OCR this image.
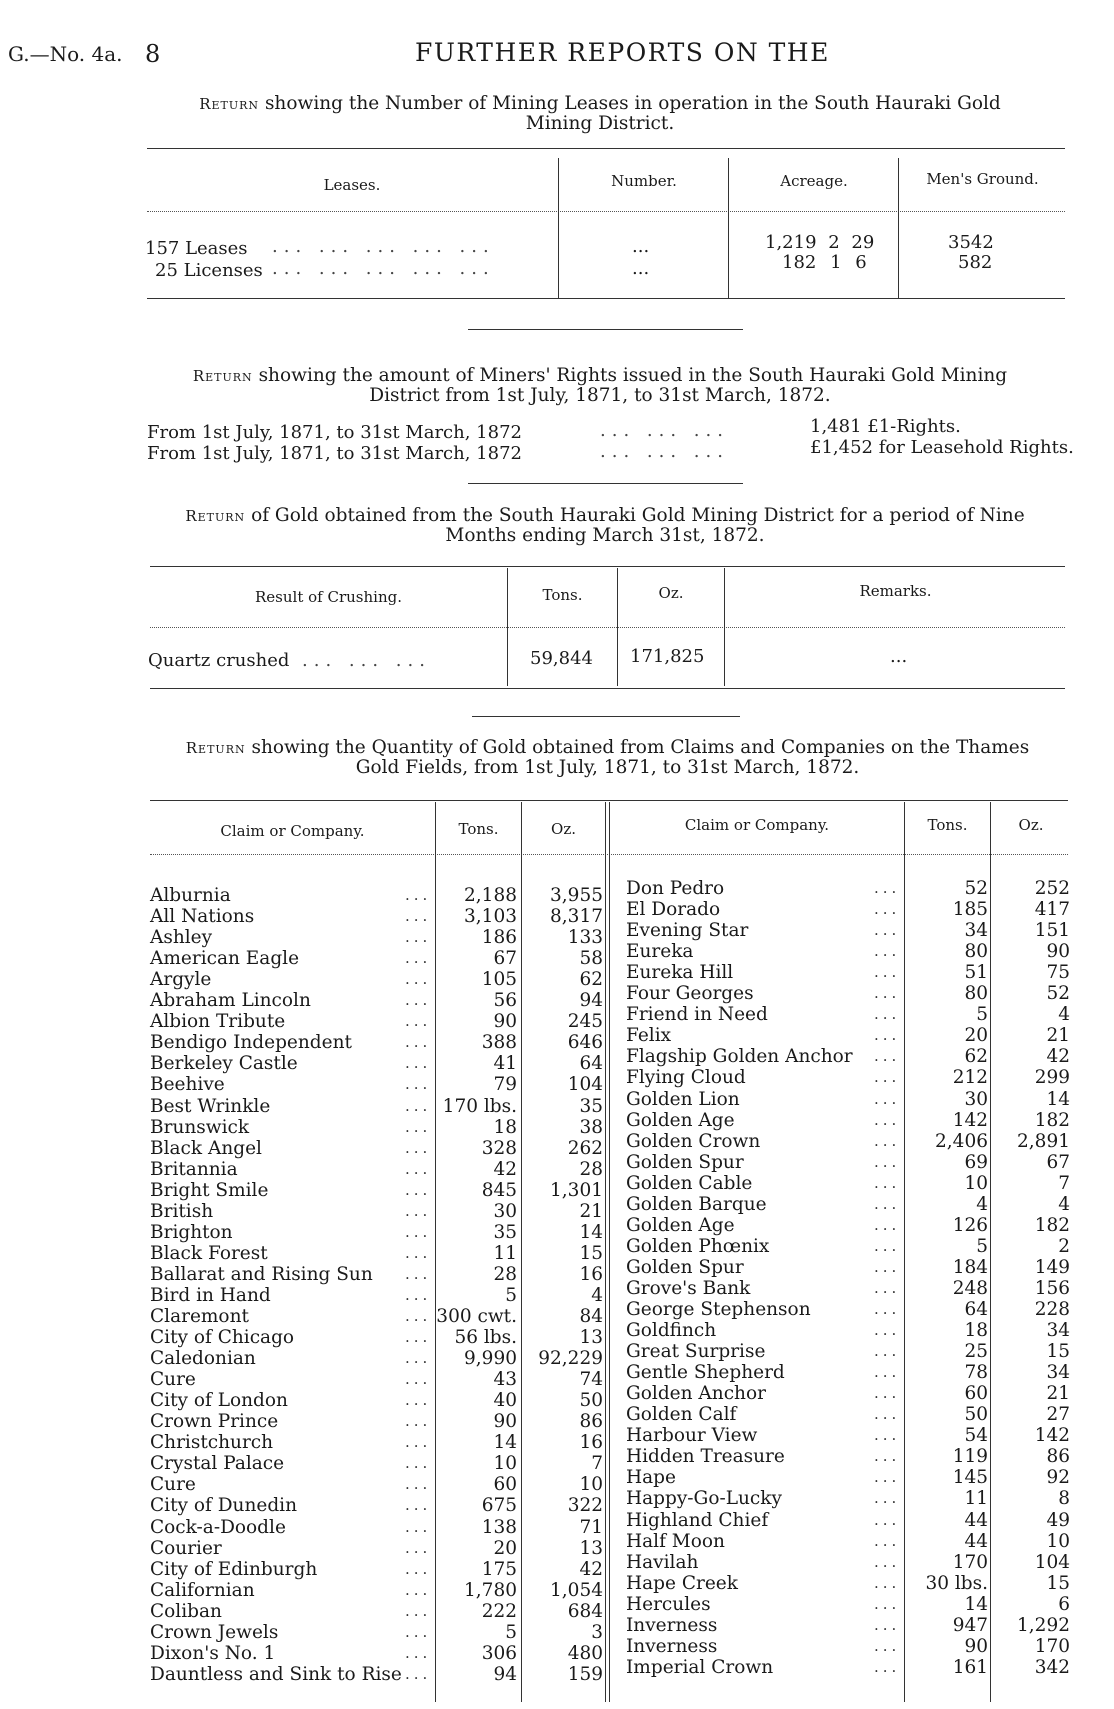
G.—No. 4a. 8	FURTHER REPORTS ON THE
Return showing the Number of Mining Leases in operation in the South Hauraki Gold
Mining District.
Leases.	Number.	Acreage.	Men's Ground.
157 Leases ... ... ... ... ...	...	1,219 2 29	3542
25 Licenses ... ... ... ... ...	...	182 1 6	582
Return showing the amount of Miners' Rights issued in the South Hauraki Gold Mining
District from 1st July, 1871, to 31st March, 1872.
From 1st July, 1871, to 31st March, 1872	... ... ...	1,481 £1-Rights.
From 1st July, 1871, to 31st March, 1872	... ... ...	£1,452 for Leasehold Rights.
Return of Gold obtained from the South Hauraki Gold Mining District for a period of Nine
Months ending March 31st, 1872.
Result of Crushing.	Tons.	Oz.	Remarks.
Quartz crushed ... ... ...	59,844 171,825	...
Return showing the Quantity of Gold obtained from Claims and Companies on the Thames
Gold Fields, from 1st July, 1871, to 31st March, 1872.
Claim or Company.	Tons.	Oz.	Claim or Company.	Tons.	Oz.
Alburnia	...	2,188	3,955
All Nations	...	3,103	8,317
Ashley	...	186	133
American Eagle	...	67	58
Argyle	...	105	62
Abraham Lincoln	...	56	94
Albion Tribute	...	90	245
Bendigo Independent	...	388	646
Berkeley Castle	...	41	64
Beehive	...	79	104
Best Wrinkle	... 170 lbs.	35
Brunswick	...	18	38
Black Angel	...	328	262
Britannia	...	42	28
Bright Smile	...	845	1,301
British	...	30	21
Brighton	...	35	14
Black Forest	...	11	15
Ballarat and Rising Sun ...	28	16
Bird in Hand	...	5	4
Claremont	... 300 cwt.	84
City of Chicago	...	56 lbs.	13
Caledonian	...	9,990	92,229
Cure	...	43	74
City of London	...	40	50
Crown Prince	...	90	86
Christchurch	...	14	16
Crystal Palace	...	10	7
Cure	...	60	10
City of Dunedin	...	675	322
Cock-a-Doodle	...	138	71
Courier	...	20	13
City of Edinburgh	...	175	42
Californian	...	1,780	1,054
Coliban	...	222	684
Crown Jewels	...	5	3
Dixon's No. 1	...	306	480
Dauntless and Sink to Rise ...	94	159
Don Pedro	...	52	252
El Dorado	...	185	417
Evening Star	...	34	151
Eureka	...	80	90
Eureka Hill	...	51	75
Four Georges	...	80	52
Friend in Need	...	5	4
Felix	...	20	21
Flagship Golden Anchor ...	62	42
Flying Cloud	...	212	299
Golden Lion	...	30	14
Golden Age	...	142	182
Golden Crown	...	2,406	2,891
Golden Spur	...	69	67
Golden Cable	...	10	7
Golden Barque	...	4	4
Golden Age	...	126	182
Golden Phœnix	...	5	2
Golden Spur	...	184	149
Grove's Bank	...	248	156
George Stephenson	...	64	228
Goldfinch	...	18	34
Great Surprise	...	25	15
Gentle Shepherd	...	78	34
Golden Anchor	...	60	21
Golden Calf	...	50	27
Harbour View	...	54	142
Hidden Treasure	...	119	86
Hape	...	145	92
Happy-Go-Lucky	...	11	8
Highland Chief	...	44	49
Half Moon	...	44	10
Havilah	...	170	104
Hape Creek	...	30 lbs.	15
Hercules	...	14	6
Inverness	...	947	1,292
Inverness	...	90	170
Imperial Crown	...	161	342
